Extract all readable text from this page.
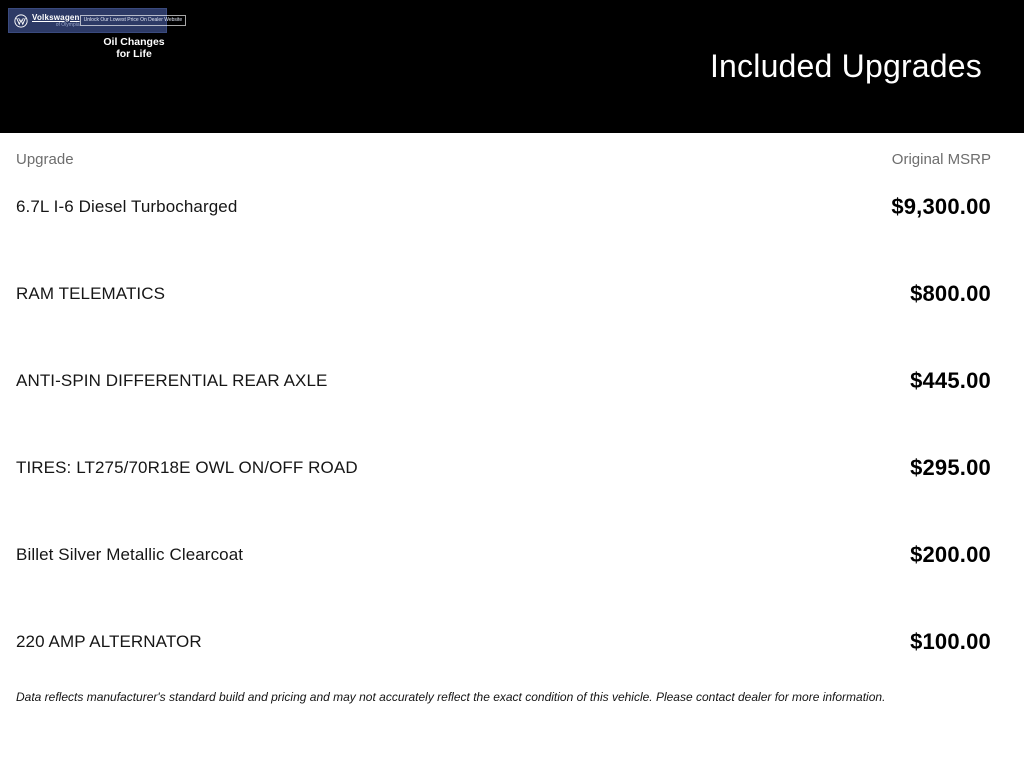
Volkswagen
of Olympia
Unlock Our Lowest Price On Dealer Website
Oil Changes
for Life	Included Upgrades
Upgrade	Original MSRP
6.7L I-6 Diesel Turbocharged	$9,300.00
RAM TELEMATICS	$800.00
ANTI-SPIN DIFFERENTIAL REAR AXLE	$445.00
TIRES: LT275/70R18E OWL ON/OFF ROAD	$295.00
Billet Silver Metallic Clearcoat	$200.00
220 AMP ALTERNATOR	$100.00
Data reflects manufacturer's standard build and pricing and may not accurately reflect the exact condition of this vehicle. Please contact dealer for more information.
